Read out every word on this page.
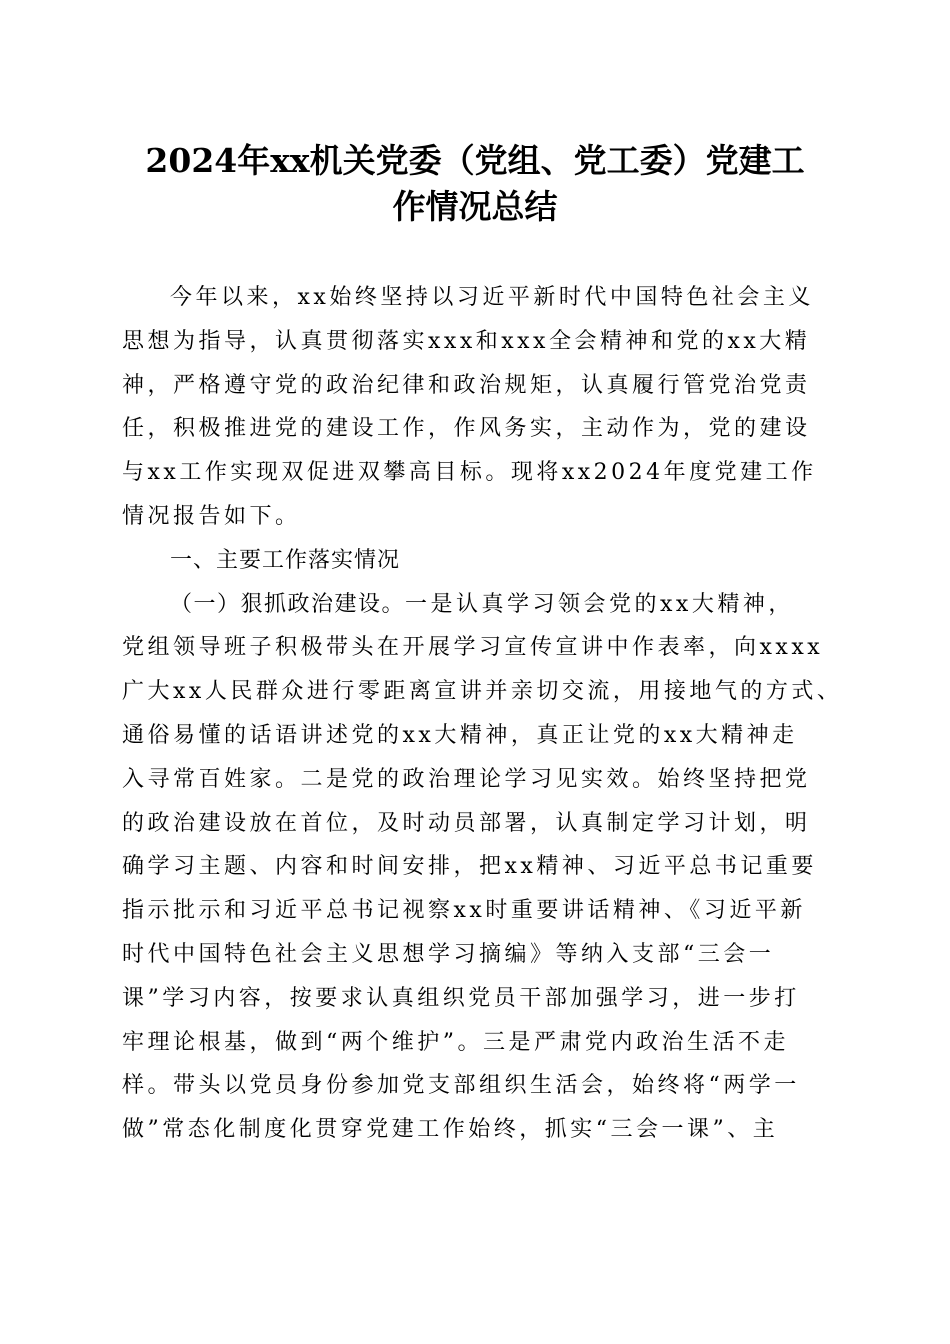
2024年xx机关党委（党组、党工委）党建工
作情况总结
今年以来，xx始终坚持以习近平新时代中国特色社会主义
思想为指导，认真贯彻落实xxx和xxx全会精神和党的xx大精
神，严格遵守党的政治纪律和政治规矩，认真履行管党治党责
任，积极推进党的建设工作，作风务实，主动作为，党的建设
与xx工作实现双促进双攀高目标。现将xx2024年度党建工作
情况报告如下。
一、主要工作落实情况
（一）狠抓政治建设。一是认真学习领会党的xx大精神，
党组领导班子积极带头在开展学习宣传宣讲中作表率，向xxxx
广大xx人民群众进行零距离宣讲并亲切交流，用接地气的方式、
通俗易懂的话语讲述党的xx大精神，真正让党的xx大精神走
入寻常百姓家。二是党的政治理论学习见实效。始终坚持把党
的政治建设放在首位，及时动员部署，认真制定学习计划，明
确学习主题、内容和时间安排，把xx精神、习近平总书记重要
指示批示和习近平总书记视察xx时重要讲话精神、《习近平新
时代中国特色社会主义思想学习摘编》等纳入支部“三会一
课”学习内容，按要求认真组织党员干部加强学习，进一步打
牢理论根基，做到“两个维护”。三是严肃党内政治生活不走
样。带头以党员身份参加党支部组织生活会，始终将“两学一
做”常态化制度化贯穿党建工作始终，抓实“三会一课”、主
